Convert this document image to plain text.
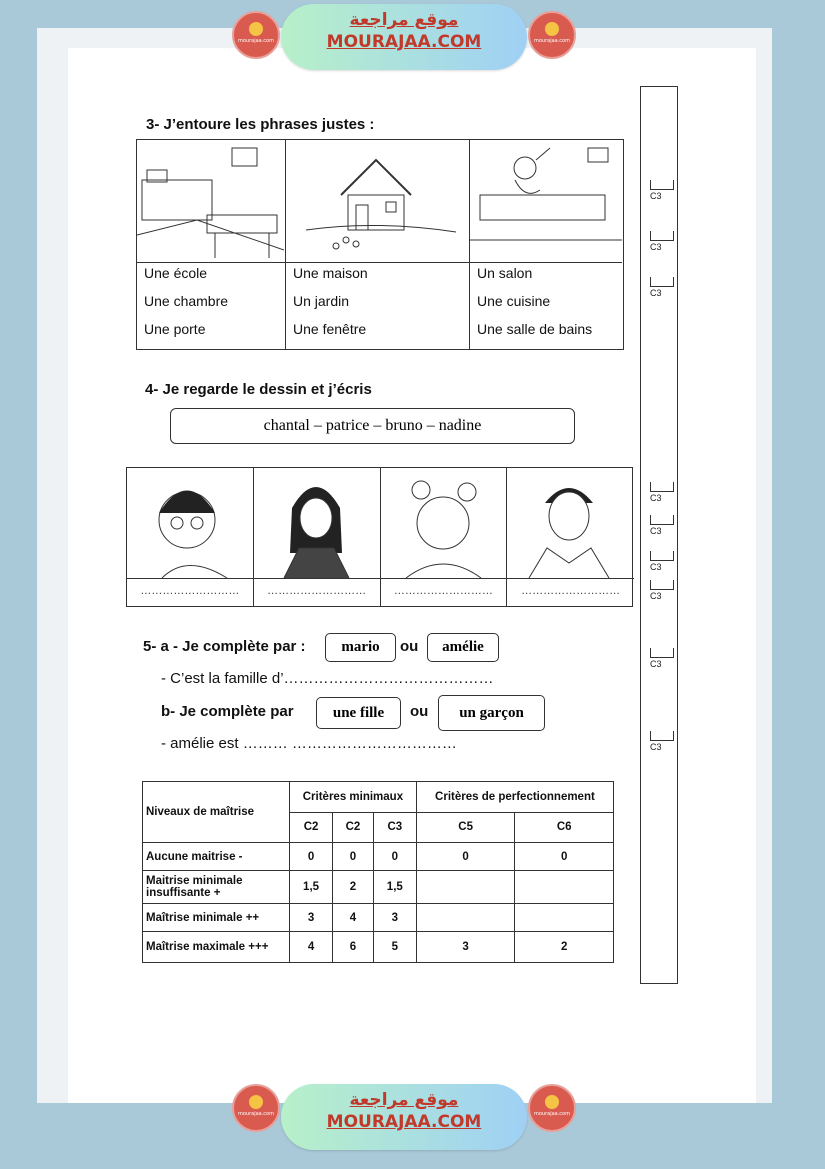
mourajaa.com
موقع مراجعة
MOURAJAA.COM	mourajaa.com
C3
C3
C3
C3
C3
C3
C3
C3
C3
3- J’entoure les phrases justes :
Une école
Une chambre
Une porte
Une maison
Un jardin
Une fenêtre
Un salon
Une cuisine
Une salle de bains
4- Je regarde le dessin et j’écris
chantal – patrice – bruno – nadine
………………………	………………………	………………………	………………………
5- a - Je complète par :	mario	ou	amélie
- C’est la famille d’……………………………………
b- Je complète par	une fille	ou	un garçon
- amélie est ……… ……………………………
Niveaux de maîtrise	Critères minimaux			Critères de perfectionnement	
	C2	C2	C3	C5	C6
Aucune maitrise -	0	0	0	0	0
Maitrise minimale insuffisante +	1,5	2	1,5		
Maîtrise minimale ++	3	4	3		
Maîtrise maximale +++	4	6	5	3	2
mourajaa.com
موقع مراجعة
MOURAJAA.COM	mourajaa.com
